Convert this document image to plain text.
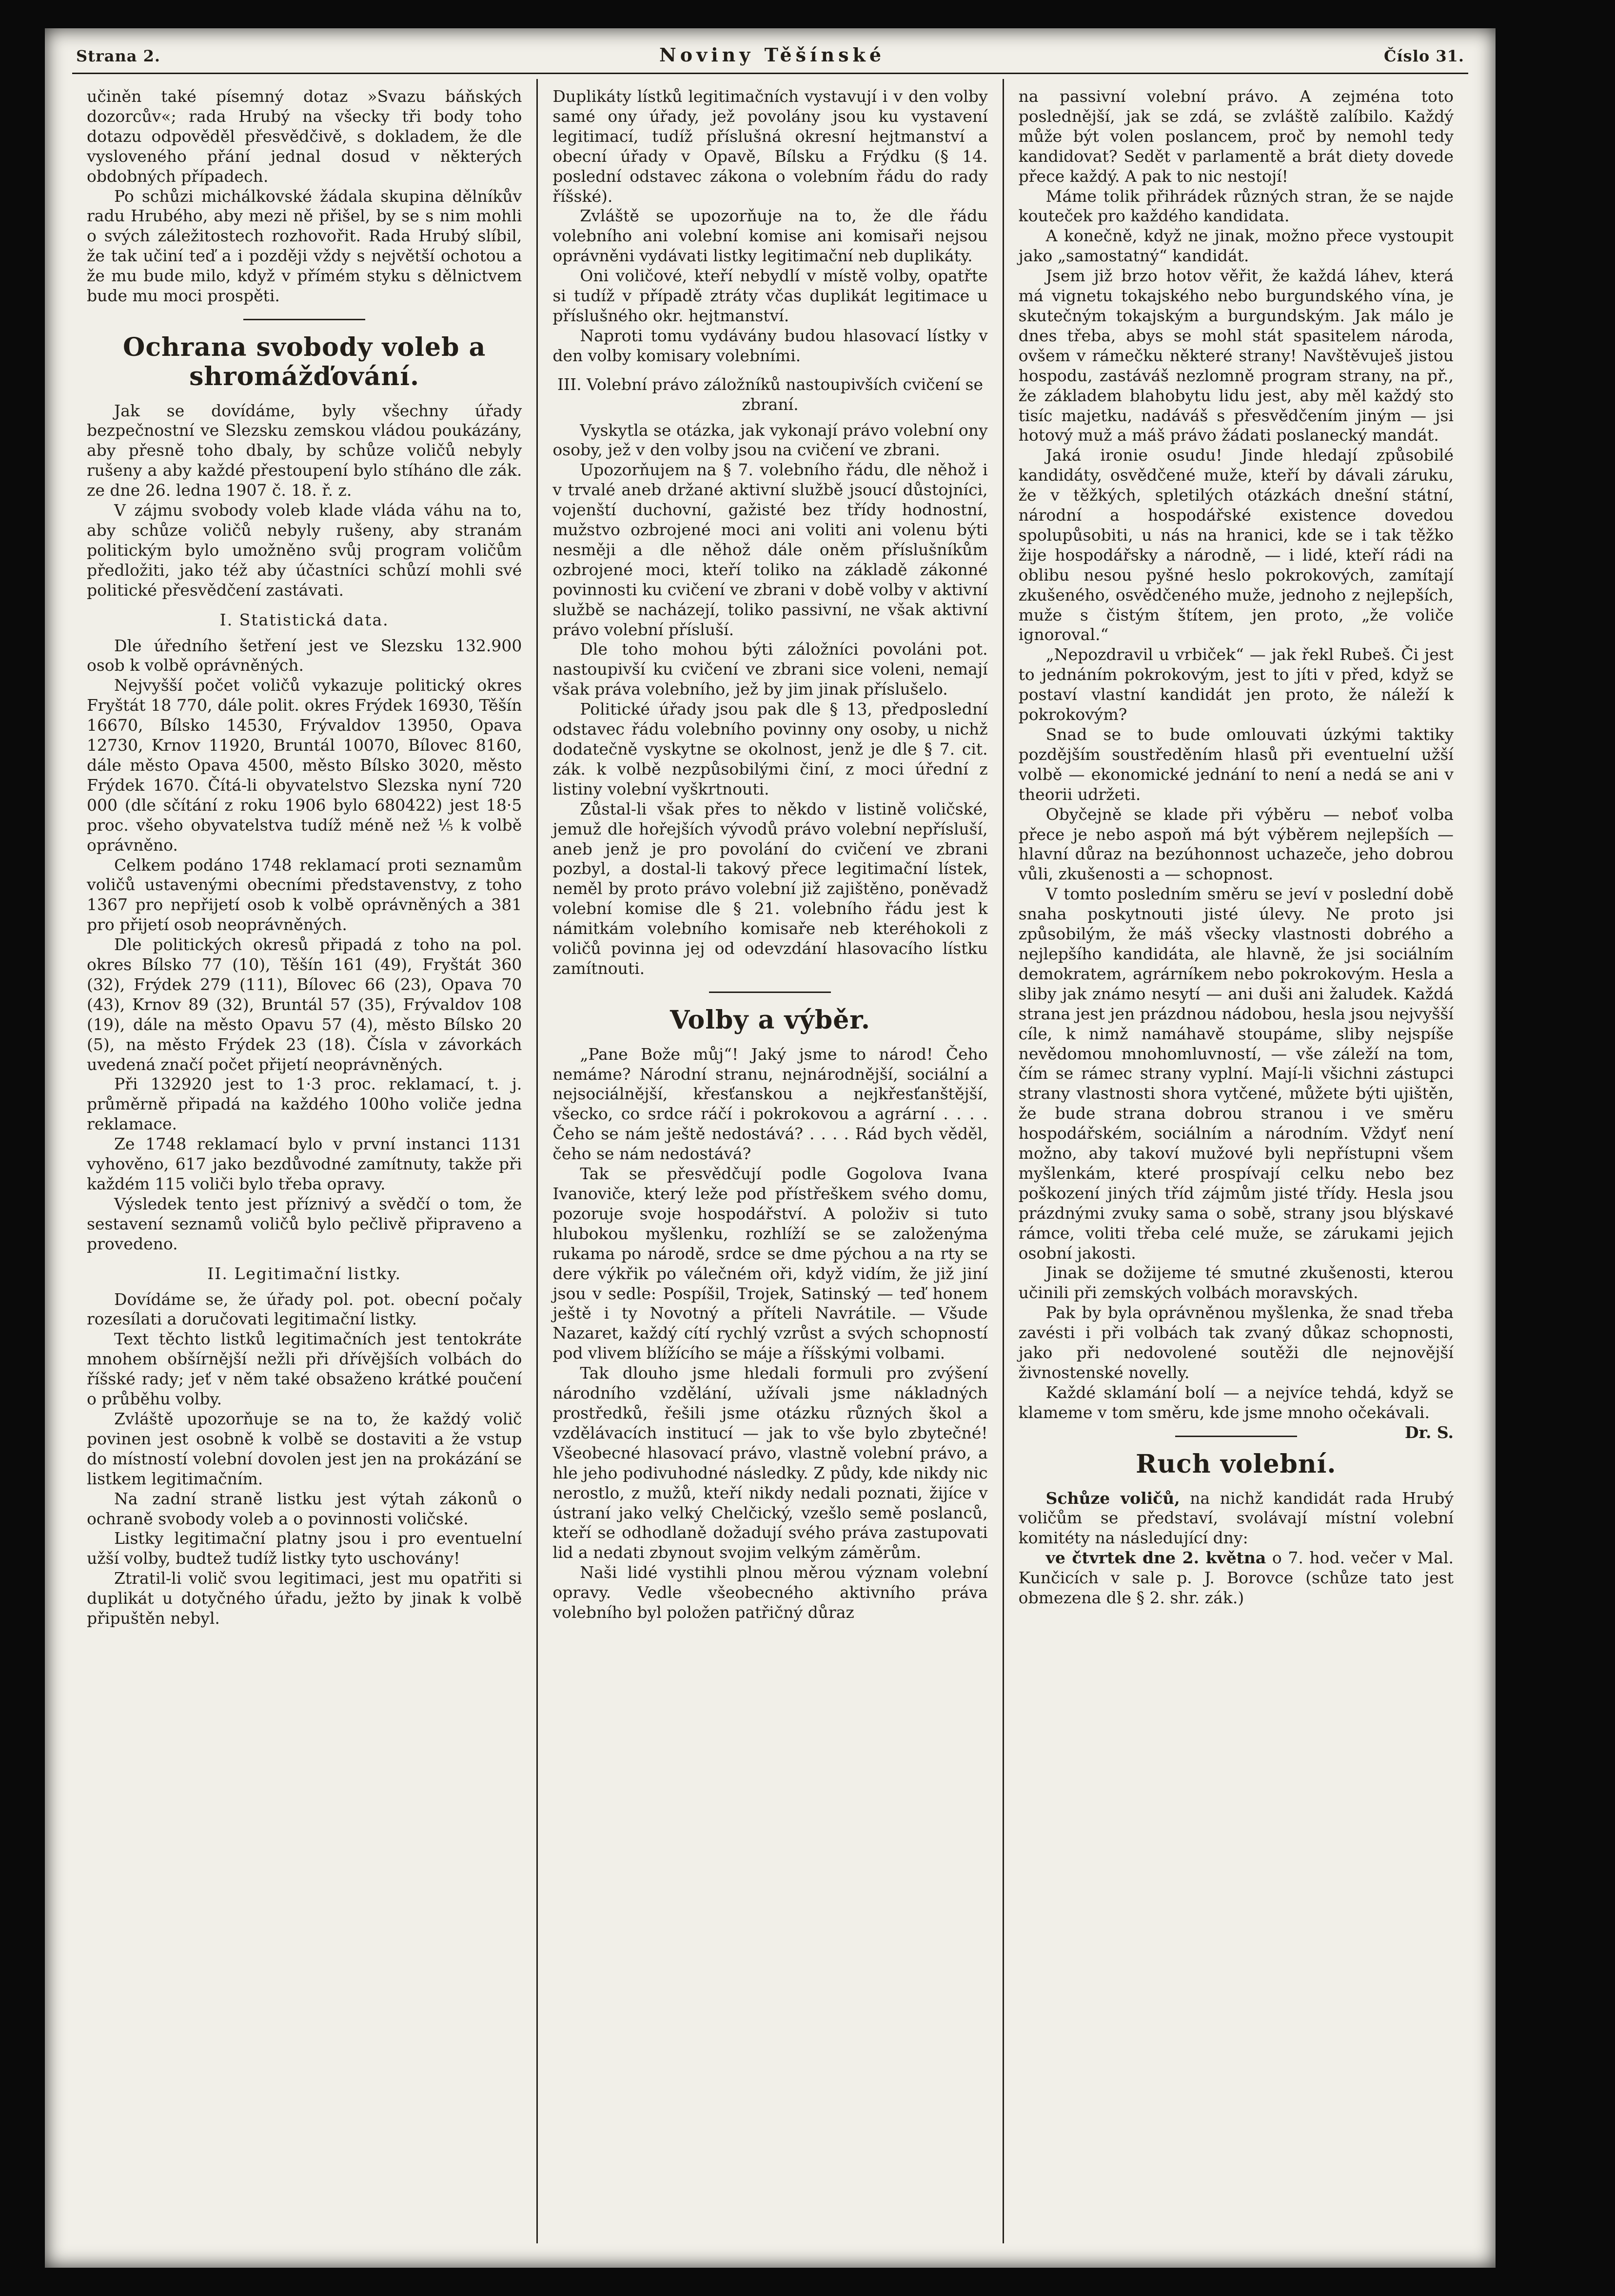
Strana 2.	Noviny Těšínské	Číslo 31.

učiněn také písemný dotaz »Svazu báňských dozorcův«; rada Hrubý na všecky tři body toho dotazu odpověděl přesvědčivě, s dokladem, že dle vysloveného přání jednal dosud v některých obdobných případech.

Po schůzi michálkovské žádala skupina dělníkův radu Hrubého, aby mezi ně přišel, by se s nim mohli o svých záležitostech rozhovořit. Rada Hrubý slíbil, že tak učiní teď a i později vždy s největší ochotou a že mu bude milo, když v přímém styku s dělnictvem bude mu moci prospěti.

Ochrana svobody voleb a shromážďování.

Jak se dovídáme, byly všechny úřady bezpečnostní ve Slezsku zemskou vládou poukázány, aby přesně toho dbaly, by schůze voličů nebyly rušeny a aby každé přestoupení bylo stíháno dle zák. ze dne 26. ledna 1907 č. 18. ř. z.

V zájmu svobody voleb klade vláda váhu na to, aby schůze voličů nebyly rušeny, aby stranám politickým bylo umožněno svůj program voličům předložiti, jako též aby účastníci schůzí mohli své politické přesvědčení zastávati.

I. Statistická data.

Dle úředního šetření jest ve Slezsku 132.900 osob k volbě oprávněných.

Nejvyšší počet voličů vykazuje politický okres Fryštát 18 770, dále polit. okres Frýdek 16930, Těšín 16670, Bílsko 14530, Frývaldov 13950, Opava 12730, Krnov 11920, Bruntál 10070, Bílovec 8160, dále město Opava 4500, město Bílsko 3020, město Frýdek 1670. Čítá-li obyvatelstvo Slezska nyní 720 000 (dle sčítání z roku 1906 bylo 680422) jest 18·5 proc. všeho obyvatelstva tudíž méně než ⅕ k volbě oprávněno.

Celkem podáno 1748 reklamací proti seznamům voličů ustavenými obecními představenstvy, z toho 1367 pro nepřijetí osob k volbě oprávněných a 381 pro přijetí osob neoprávněných.

Dle politických okresů připadá z toho na pol. okres Bílsko 77 (10), Těšín 161 (49), Fryštát 360 (32), Frýdek 279 (111), Bílovec 66 (23), Opava 70 (43), Krnov 89 (32), Bruntál 57 (35), Frývaldov 108 (19), dále na město Opavu 57 (4), město Bílsko 20 (5), na město Frýdek 23 (18). Čísla v závorkách uvedená značí počet přijetí neoprávněných.

Při 132920 jest to 1·3 proc. reklamací, t. j. průměrně připadá na každého 100ho voliče jedna reklamace.

Ze 1748 reklamací bylo v první instanci 1131 vyhověno, 617 jako bezdůvodné zamítnuty, takže při každém 115 voliči bylo třeba opravy.

Výsledek tento jest příznivý a svědčí o tom, že sestavení seznamů voličů bylo pečlivě připraveno a provedeno.

II. Legitimační listky.

Dovídáme se, že úřady pol. pot. obecní počaly rozesílati a doručovati legitimační listky.

Text těchto listků legitimačních jest tentokráte mnohem obšírnější nežli při dřívějších volbách do říšské rady; jeť v něm také obsaženo krátké poučení o průběhu volby.

Zvláště upozorňuje se na to, že každý volič povinen jest osobně k volbě se dostaviti a že vstup do místností volební dovolen jest jen na prokázání se listkem legitimačním.

Na zadní straně listku jest výtah zákonů o ochraně svobody voleb a o povinnosti voličské.

Listky legitimační platny jsou i pro eventuelní užší volby, budtež tudíž listky tyto uschovány!

Ztratil-li volič svou legitimaci, jest mu opatřiti si duplikát u dotyčného úřadu, ježto by jinak k volbě připuštěn nebyl.

Duplikáty lístků legitimačních vystavují i v den volby samé ony úřady, jež povolány jsou ku vystavení legitimací, tudíž příslušná okresní hejtmanství a obecní úřady v Opavě, Bílsku a Frýdku (§ 14. poslední odstavec zákona o volebním řádu do rady říšské).

Zvláště se upozorňuje na to, že dle řádu volebního ani volební komise ani komisaři nejsou oprávněni vydávati listky legitimační neb duplikáty.

Oni voličové, kteří nebydlí v místě volby, opatřte si tudíž v případě ztráty včas duplikát legitimace u příslušného okr. hejtmanství.

Naproti tomu vydávány budou hlasovací lístky v den volby komisary volebními.

III. Volební právo záložníků nastoupivších cvičení se zbraní.

Vyskytla se otázka, jak vykonají právo volební ony osoby, jež v den volby jsou na cvičení ve zbrani.

Upozorňujem na § 7. volebního řádu, dle něhož i v trvalé aneb držané aktivní službě jsoucí důstojníci, vojenští duchovní, gažisté bez třídy hodnostní, mužstvo ozbrojené moci ani voliti ani volenu býti nesměji a dle něhož dále oněm příslušníkům ozbrojené moci, kteří toliko na základě zákonné povinnosti ku cvičení ve zbrani v době volby v aktivní službě se nacházejí, toliko passivní, ne však aktivní právo volební přísluší.

Dle toho mohou býti záložníci povoláni pot. nastoupivší ku cvičení ve zbrani sice voleni, nemají však práva volebního, jež by jim jinak příslušelo.

Politické úřady jsou pak dle § 13, předposlední odstavec řádu volebního povinny ony osoby, u nichž dodatečně vyskytne se okolnost, jenž je dle § 7. cit. zák. k volbě nezpůsobilými činí, z moci úřední z listiny volební vyškrtnouti.

Zůstal-li však přes to někdo v listině voličské, jemuž dle hořejších vývodů právo volební nepřísluší, aneb jenž je pro povolání do cvičení ve zbrani pozbyl, a dostal-li takový přece legitimační lístek, neměl by proto právo volební již zajištěno, poněvadž volební komise dle § 21. volebního řádu jest k námitkám volebního komisaře neb kteréhokoli z voličů povinna jej od odevzdání hlasovacího lístku zamítnouti.

Volby a výběr.

„Pane Bože můj“! Jaký jsme to národ! Čeho nemáme? Národní stranu, nejnárodnější, sociální a nejsociálnější, křesťanskou a nejkřesťanštější, všecko, co srdce ráčí i pokrokovou a agrární . . . . Čeho se nám ještě nedostává? . . . . Rád bych věděl, čeho se nám nedostává?

Tak se přesvědčují podle Gogolova Ivana Ivanoviče, který leže pod přístřeškem svého domu, pozoruje svoje hospodářství. A položiv si tuto hlubokou myšlenku, rozhlíží se se založenýma rukama po národě, srdce se dme pýchou a na rty se dere výkřik po válečném oři, když vidím, že již jiní jsou v sedle: Pospíšil, Trojek, Satinský — teď honem ještě i ty Novotný a příteli Navrátile. — Všude Nazaret, každý cítí rychlý vzrůst a svých schopností pod vlivem blížícího se máje a říšskými volbami.

Tak dlouho jsme hledali formuli pro zvýšení národního vzdělání, užívali jsme nákladných prostředků, řešili jsme otázku různých škol a vzdělávacích institucí — jak to vše bylo zbytečné! Všeobecné hlasovací právo, vlastně volební právo, a hle jeho podivuhodné následky. Z půdy, kde nikdy nic nerostlo, z mužů, kteří nikdy nedali poznati, žijíce v ústraní jako velký Chelčický, vzešlo semě poslanců, kteří se odhodlaně dožadují svého práva zastupovati lid a nedati zbynout svojim velkým záměrům.

Naši lidé vystihli plnou měrou význam volební opravy. Vedle všeobecného aktivního práva volebního byl položen patřičný důraz

na passivní volební právo. A zejména toto poslednější, jak se zdá, se zvláště zalíbilo. Každý může být volen poslancem, proč by nemohl tedy kandidovat? Sedět v parlamentě a brát diety dovede přece každý. A pak to nic nestojí!

Máme tolik přihrádek různých stran, že se najde kouteček pro každého kandidata.

A konečně, když ne jinak, možno přece vystoupit jako „samostatný“ kandidát.

Jsem již brzo hotov věřit, že každá láhev, která má vignetu tokajského nebo burgundského vína, je skutečným tokajským a burgundským. Jak málo je dnes třeba, abys se mohl stát spasitelem národa, ovšem v rámečku některé strany! Navštěvuješ jistou hospodu, zastáváš nezlomně program strany, na př., že základem blahobytu lidu jest, aby měl každý sto tisíc majetku, nadáváš s přesvědčením jiným — jsi hotový muž a máš právo žádati poslanecký mandát.

Jaká ironie osudu! Jinde hledají způsobilé kandidáty, osvědčené muže, kteří by dávali záruku, že v těžkých, spletilých otázkách dnešní státní, národní a hospodářské existence dovedou spolupůsobiti, u nás na hranici, kde se i tak těžko žije hospodářsky a národně, — i lidé, kteří rádi na oblibu nesou pyšné heslo pokrokových, zamítají zkušeného, osvědčeného muže, jednoho z nejlepších, muže s čistým štítem, jen proto, „že voliče ignoroval.“

„Nepozdravil u vrbiček“ — jak řekl Rubeš. Či jest to jednáním pokrokovým, jest to jíti v před, když se postaví vlastní kandidát jen proto, že náleží k pokrokovým?

Snad se to bude omlouvati úzkými taktiky pozdějším soustředěním hlasů při eventuelní užší volbě — ekonomické jednání to není a nedá se ani v theorii udržeti.

Obyčejně se klade při výběru — neboť volba přece je nebo aspoň má být výběrem nejlepších — hlavní důraz na bezúhonnost uchazeče, jeho dobrou vůli, zkušenosti a — schopnost.

V tomto posledním směru se jeví v poslední době snaha poskytnouti jisté úlevy. Ne proto jsi způsobilým, že máš všecky vlastnosti dobrého a nejlepšího kandidáta, ale hlavně, že jsi sociálním demokratem, agrárníkem nebo pokrokovým. Hesla a sliby jak známo nesytí — ani duši ani žaludek. Každá strana jest jen prázdnou nádobou, hesla jsou nejvyšší cíle, k nimž namáhavě stoupáme, sliby nejspíše nevědomou mnohomluvností, — vše záleží na tom, čím se rámec strany vyplní. Mají-li všichni zástupci strany vlastnosti shora vytčené, můžete býti ujištěn, že bude strana dobrou stranou i ve směru hospodářském, sociálním a národním. Vždyť není možno, aby takoví mužové byli nepřístupni všem myšlenkám, které prospívají celku nebo bez poškození jiných tříd zájmům jisté třídy. Hesla jsou prázdnými zvuky sama o sobě, strany jsou blýskavé rámce, voliti třeba celé muže, se zárukami jejich osobní jakosti.

Jinak se dožijeme té smutné zkušenosti, kterou učinili při zemských volbách moravských.

Pak by byla oprávněnou myšlenka, že snad třeba zavésti i při volbách tak zvaný důkaz schopnosti, jako při nedovolené soutěži dle nejnovější živnostenské novelly.

Každé sklamání bolí — a nejvíce tehdá, když se klameme v tom směru, kde jsme mnoho očekávali.
Dr. S.

Ruch volební.

Schůze voličů, na nichž kandidát rada Hrubý voličům se představí, svolávají místní volební komitéty na následující dny:

ve čtvrtek dne 2. května o 7. hod. večer v Mal. Kunčicích v sale p. J. Borovce (schůze tato jest obmezena dle § 2. shr. zák.)
